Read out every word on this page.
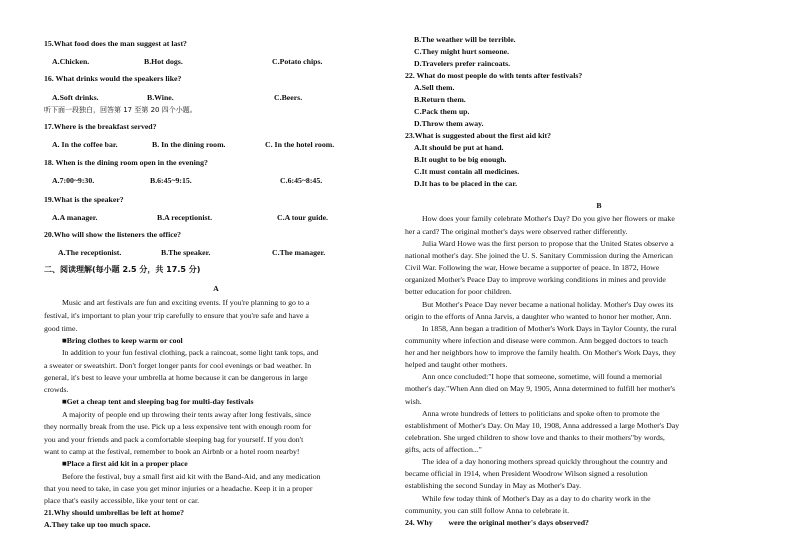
15.What food does the man suggest at last?
A.Chicken.	B.Hot dogs.	C.Potato chips.
16. What drinks would the speakers like?
A.Soft drinks.	B.Wine.	C.Beers.
听下面一段独白，回答第 17 至第 20 四个小题。
17.Where is the breakfast served?
A. In the coffee bar.	B. In the dining room.	C. In the hotel room.
18. When is the dining room open in the evening?
A.7:00~9:30.	B.6:45~9:15.	C.6:45~8:45.
19.What is the speaker?
A.A manager.	B.A receptionist.	C.A tour guide.
20.Who will show the listeners the office?
A.The receptionist.	B.The speaker.	C.The manager.
二、阅读理解(每小题 2.5 分，共 17.5 分)
A
Music and art festivals are fun and exciting events. If you're planning to go to a
festival, it's important to plan your trip carefully to ensure that you're safe and have a
good time.
■Bring clothes to keep warm or cool
In addition to your fun festival clothing, pack a raincoat, some light tank tops, and
a sweater or sweatshirt. Don't forget longer pants for cool evenings or bad weather. In
general, it's best to leave your umbrella at home because it can be dangerous in large
crowds.
■Get a cheap tent and sleeping bag for multi-day festivals
A majority of people end up throwing their tents away after long festivals, since
they normally break from the use. Pick up a less expensive tent with enough room for
you and your friends and pack a comfortable sleeping bag for yourself. If you don't
want to camp at the festival, remember to book an Airbnb or a hotel room nearby!
■Place a first aid kit in a proper place
Before the festival, buy a small first aid kit with the Band-Aid, and any medication
that you need to take, in case you get minor injuries or a headache. Keep it in a proper
place that's easily accessible, like your tent or car.
21.Why should umbrellas be left at home?
A.They take up too much space.
B.The weather will be terrible.
C.They might hurt someone.
D.Travelers prefer raincoats.
22. What do most people do with tents after festivals?
A.Sell them.
B.Return them.
C.Pack them up.
D.Throw them away.
23.What is suggested about the first aid kit?
A.It should be put at hand.
B.It ought to be big enough.
C.It must contain all medicines.
D.It has to be placed in the car.
B
How does your family celebrate Mother's Day? Do you give her flowers or make
her a card? The original mother's days were observed rather differently.
Julia Ward Howe was the first person to propose that the United States observe a
national mother's day. She joined the U. S. Sanitary Commission during the American
Civil War. Following the war, Howe became a supporter of peace. In 1872, Howe
organized Mother's Peace Day to improve working conditions in mines and provide
better education for poor children.
But Mother's Peace Day never became a national holiday. Mother's Day owes its
origin to the efforts of Anna Jarvis, a daughter who wanted to honor her mother, Ann.
In 1858, Ann began a tradition of Mother's Work Days in Taylor County, the rural
community where infection and disease were common. Ann begged doctors to teach
her and her neighbors how to improve the family health. On Mother's Work Days, they
helped and taught other mothers.
Ann once concluded:"I hope that someone, sometime, will found a memorial
mother's day."When Ann died on May 9, 1905, Anna determined to fulfill her mother's
wish.
Anna wrote hundreds of letters to politicians and spoke often to promote the
establishment of Mother's Day. On May 10, 1908, Anna addressed a large Mother's Day
celebration. She urged children to show love and thanks to their mothers"by words,
gifts, acts of affection..."
The idea of a day honoring mothers spread quickly throughout the country and
became official in 1914, when President Woodrow Wilson signed a resolution
establishing the second Sunday in May as Mother's Day.
While few today think of Mother's Day as a day to do charity work in the
community, you can still follow Anna to celebrate it.
24. Why were the original mother's days observed?
